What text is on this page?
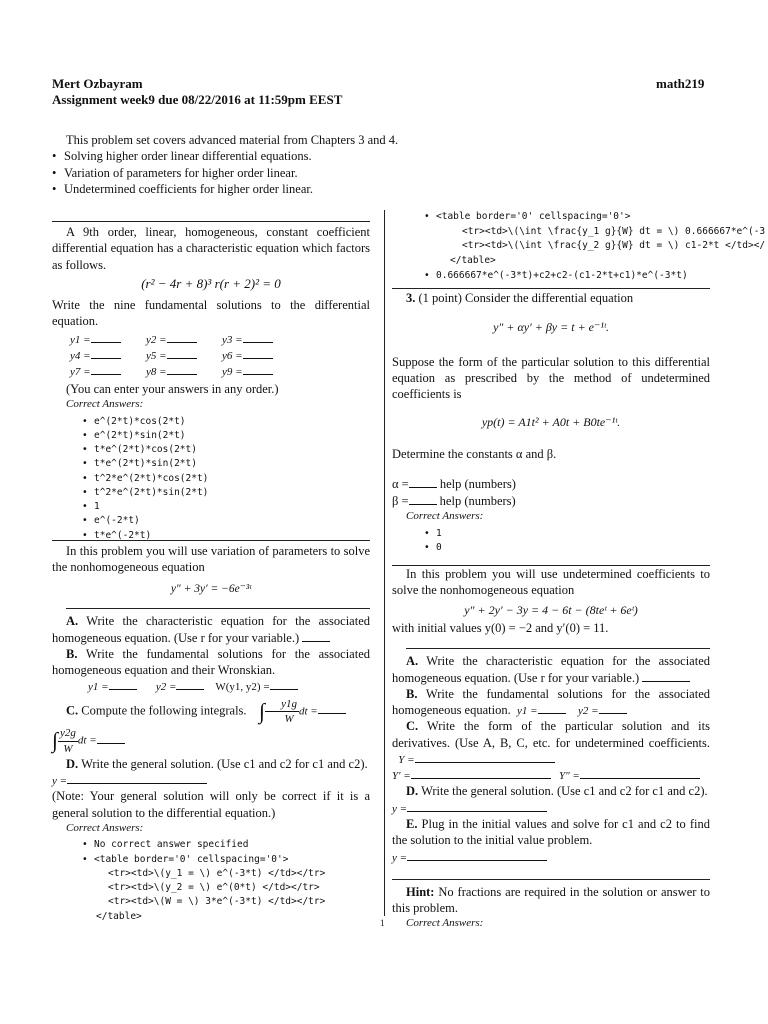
Mert Ozbayram	math219
Assignment week9 due 08/22/2016 at 11:59pm EEST
This problem set covers advanced material from Chapters 3 and 4.
• Solving higher order linear differential equations.
• Variation of parameters for higher order linear.
• Undetermined coefficients for higher order linear.
A 9th order, linear, homogeneous, constant coefficient differential equation has a characteristic equation which factors as follows.
(r² − 4r + 8)³ r(r + 2)² = 0
Write the nine fundamental solutions to the differential equation.
y1 =	y2 =	y3 =
y4 =	y5 =	y6 =
y7 =	y8 =	y9 =
(You can enter your answers in any order.)
Correct Answers:
• e^(2*t)*cos(2*t)
• e^(2*t)*sin(2*t)
• t*e^(2*t)*cos(2*t)
• t*e^(2*t)*sin(2*t)
• t^2*e^(2*t)*cos(2*t)
• t^2*e^(2*t)*sin(2*t)
• 1
• e^(-2*t)
• t*e^(-2*t)
In this problem you will use variation of parameters to solve the nonhomogeneous equation
y″ + 3y′ = −6e⁻³ᵗ
A. Write the characteristic equation for the associated homogeneous equation. (Use r for your variable.)
B. Write the fundamental solutions for the associated homogeneous equation and their Wronskian.
y1 =	y2 =	W(y1, y2) =
C. Compute the following integrals. ∫ $\frac{y1g}{W}$ dt =
∫ $\frac{y2g}{W}$ dt =
D. Write the general solution. (Use c1 and c2 for c1 and c2).
y =
(Note: Your general solution will only be correct if it is a general solution to the differential equation.)
Correct Answers:
• No correct answer specified
• <table border='0' cellspacing='0'>
<tr><td>\(y_1 = \) e^(-3*t) </td></tr>
<tr><td>\(y_2 = \) e^(0*t) </td></tr>
<tr><td>\(W = \) 3*e^(-3*t) </td></tr>
</table>
• <table border='0' cellspacing='0'>
<tr><td>\(\int \frac{y_1 g}{W} dt = \) 0.666667*e^(-3
<tr><td>\(\int \frac{y_2 g}{W} dt = \) c1-2*t </td></
</table>
• 0.666667*e^(-3*t)+c2+c2-(c1-2*t+c1)*e^(-3*t)
3. (1 point) Consider the differential equation
y″ + αy′ + βy = t + e⁻¹ᵗ.
Suppose the form of the particular solution to this differential equation as prescribed by the method of undetermined coefficients is
yp(t) = A1t² + A0t + B0te⁻¹ᵗ.
Determine the constants α and β.
α = help (numbers)
β = help (numbers)
Correct Answers:
• 1
• 0
In this problem you will use undetermined coefficients to solve the nonhomogeneous equation
y″ + 2y′ − 3y = 4 − 6t − (8teᵗ + 6eᵗ)
with initial values y(0) = −2 and y′(0) = 11.
A. Write the characteristic equation for the associated homogeneous equation. (Use r for your variable.)
B. Write the fundamental solutions for the associated homogeneous equation. y1 =	y2 =
C. Write the form of the particular solution and its derivatives. (Use A, B, C, etc. for undetermined coefficients.   Y =
Y′ =	Y″ =
D. Write the general solution. (Use c1 and c2 for c1 and c2).
y =
E. Plug in the initial values and solve for c1 and c2 to find the solution to the initial value problem.
y =
Hint: No fractions are required in the solution or answer to this problem.
Correct Answers:
1
